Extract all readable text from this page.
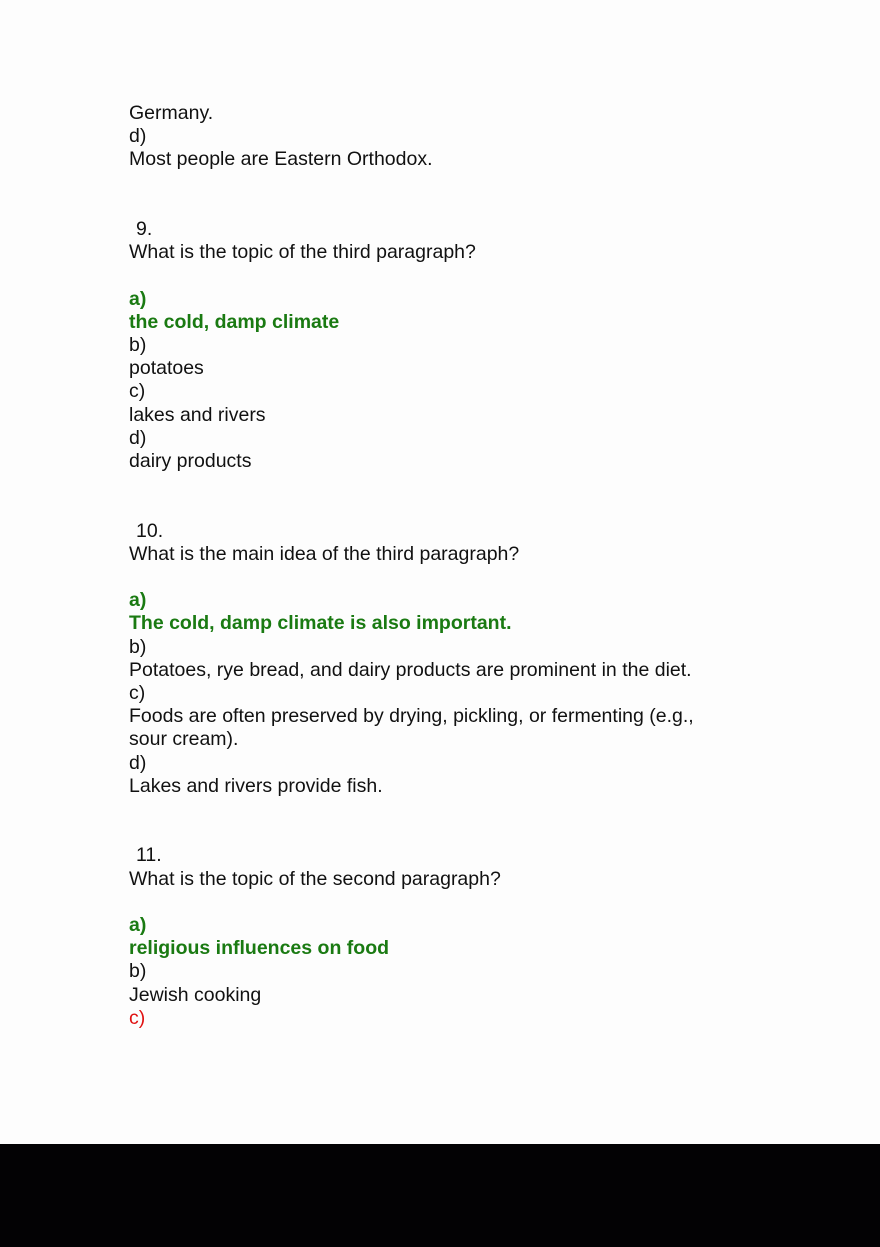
Germany.
d)
Most people are Eastern Orthodox.
9.
What is the topic of the third paragraph?
a)
the cold, damp climate
b)
potatoes
c)
lakes and rivers
d)
dairy products
10.
What is the main idea of the third paragraph?
a)
The cold, damp climate is also important.
b)
Potatoes, rye bread, and dairy products are prominent in the diet.
c)
Foods are often preserved by drying, pickling, or fermenting (e.g.,
sour cream).
d)
Lakes and rivers provide fish.
11.
What is the topic of the second paragraph?
a)
religious influences on food
b)
Jewish cooking
c)
